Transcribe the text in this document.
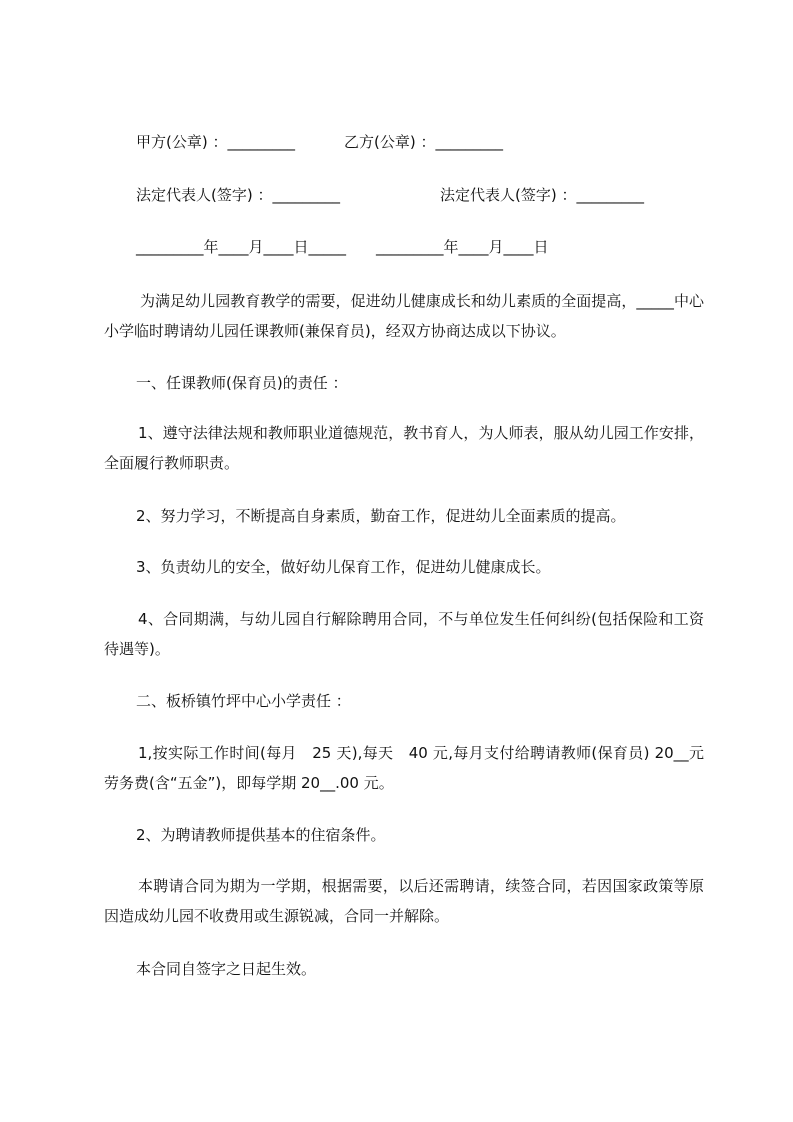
甲方(公章) ：_________	乙方(公章) ：_________
法定代表人(签字) ：_________	法定代表人(签字) ：_________
_________年____月____日_____ _________年____月____日
为满足幼儿园教育教学的需要，促进幼儿健康成长和幼儿素质的全面提高，_____中心小学临时聘请幼儿园任课教师(兼保育员)，经双方协商达成以下协议。
一、任课教师(保育员)的责任 ：
1、遵守法律法规和教师职业道德规范，教书育人，为人师表，服从幼儿园工作安排，全面履行教师职责。
2、努力学习，不断提高自身素质，勤奋工作，促进幼儿全面素质的提高。
3、负责幼儿的安全，做好幼儿保育工作，促进幼儿健康成长。
4、合同期满，与幼儿园自行解除聘用合同，不与单位发生任何纠纷(包括保险和工资待遇等)。
二、板桥镇竹坪中心小学责任 ：
1,按实际工作时间(每月　25 天),每天　40 元,每月支付给聘请教师(保育员) 20__元劳务费(含“五金”)，即每学期 20__.00 元。
2、为聘请教师提供基本的住宿条件。
本聘请合同为期为一学期，根据需要，以后还需聘请，续签合同，若因国家政策等原因造成幼儿园不收费用或生源锐减，合同一并解除。
本合同自签字之日起生效。
